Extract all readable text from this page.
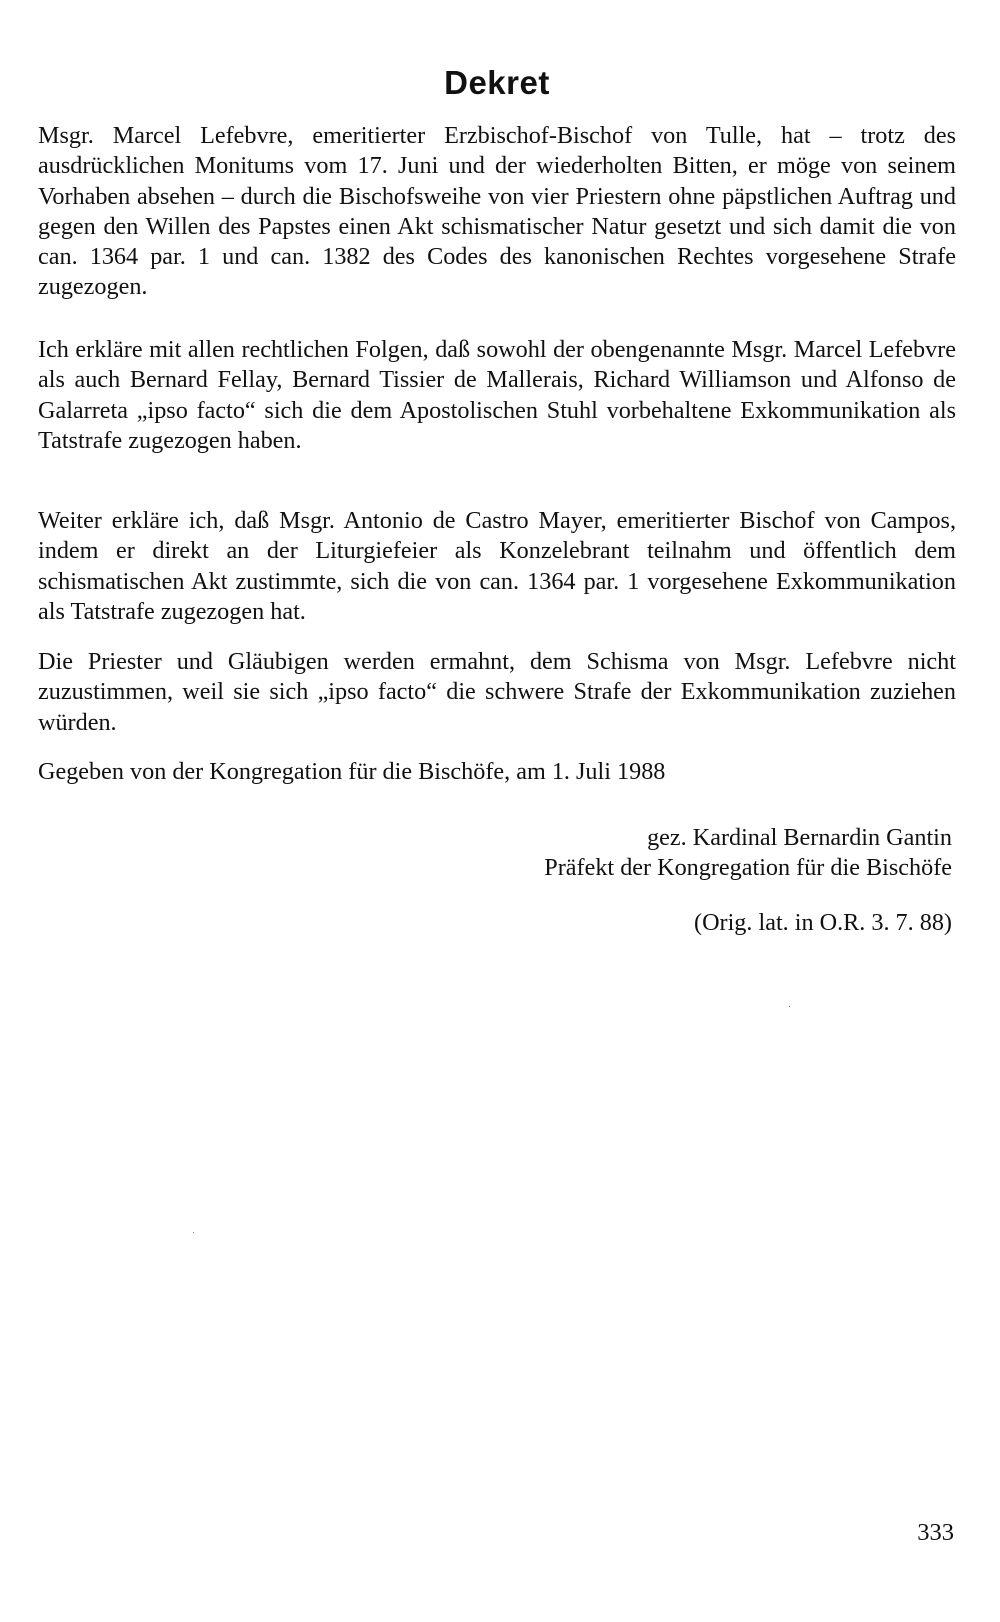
Dekret

Msgr. Marcel Lefebvre, emeritierter Erzbischof-Bischof von Tulle, hat – trotz des ausdrücklichen Monitums vom 17. Juni und der wiederholten Bitten, er möge von seinem Vorhaben absehen – durch die Bischofsweihe von vier Priestern ohne päpstlichen Auftrag und gegen den Willen des Papstes einen Akt schismatischer Natur gesetzt und sich damit die von can. 1364 par. 1 und can. 1382 des Codes des kanonischen Rechtes vorgesehene Strafe zugezogen.

Ich erkläre mit allen rechtlichen Folgen, daß sowohl der obengenannte Msgr. Marcel Lefebvre als auch Bernard Fellay, Bernard Tissier de Mallerais, Richard Williamson und Alfonso de Galarreta „ipso facto“ sich die dem Apostolischen Stuhl vorbehaltene Exkommunikation als Tatstrafe zugezogen haben.

Weiter erkläre ich, daß Msgr. Antonio de Castro Mayer, emeritierter Bischof von Campos, indem er direkt an der Liturgiefeier als Konzelebrant teilnahm und öffentlich dem schismatischen Akt zustimmte, sich die von can. 1364 par. 1 vorgesehene Exkommunikation als Tatstrafe zugezogen hat.

Die Priester und Gläubigen werden ermahnt, dem Schisma von Msgr. Lefebvre nicht zuzustimmen, weil sie sich „ipso facto“ die schwere Strafe der Exkommunikation zuziehen würden.

Gegeben von der Kongregation für die Bischöfe, am 1. Juli 1988

gez. Kardinal Bernardin Gantin
Präfekt der Kongregation für die Bischöfe
(Orig. lat. in O.R. 3. 7. 88)
333
